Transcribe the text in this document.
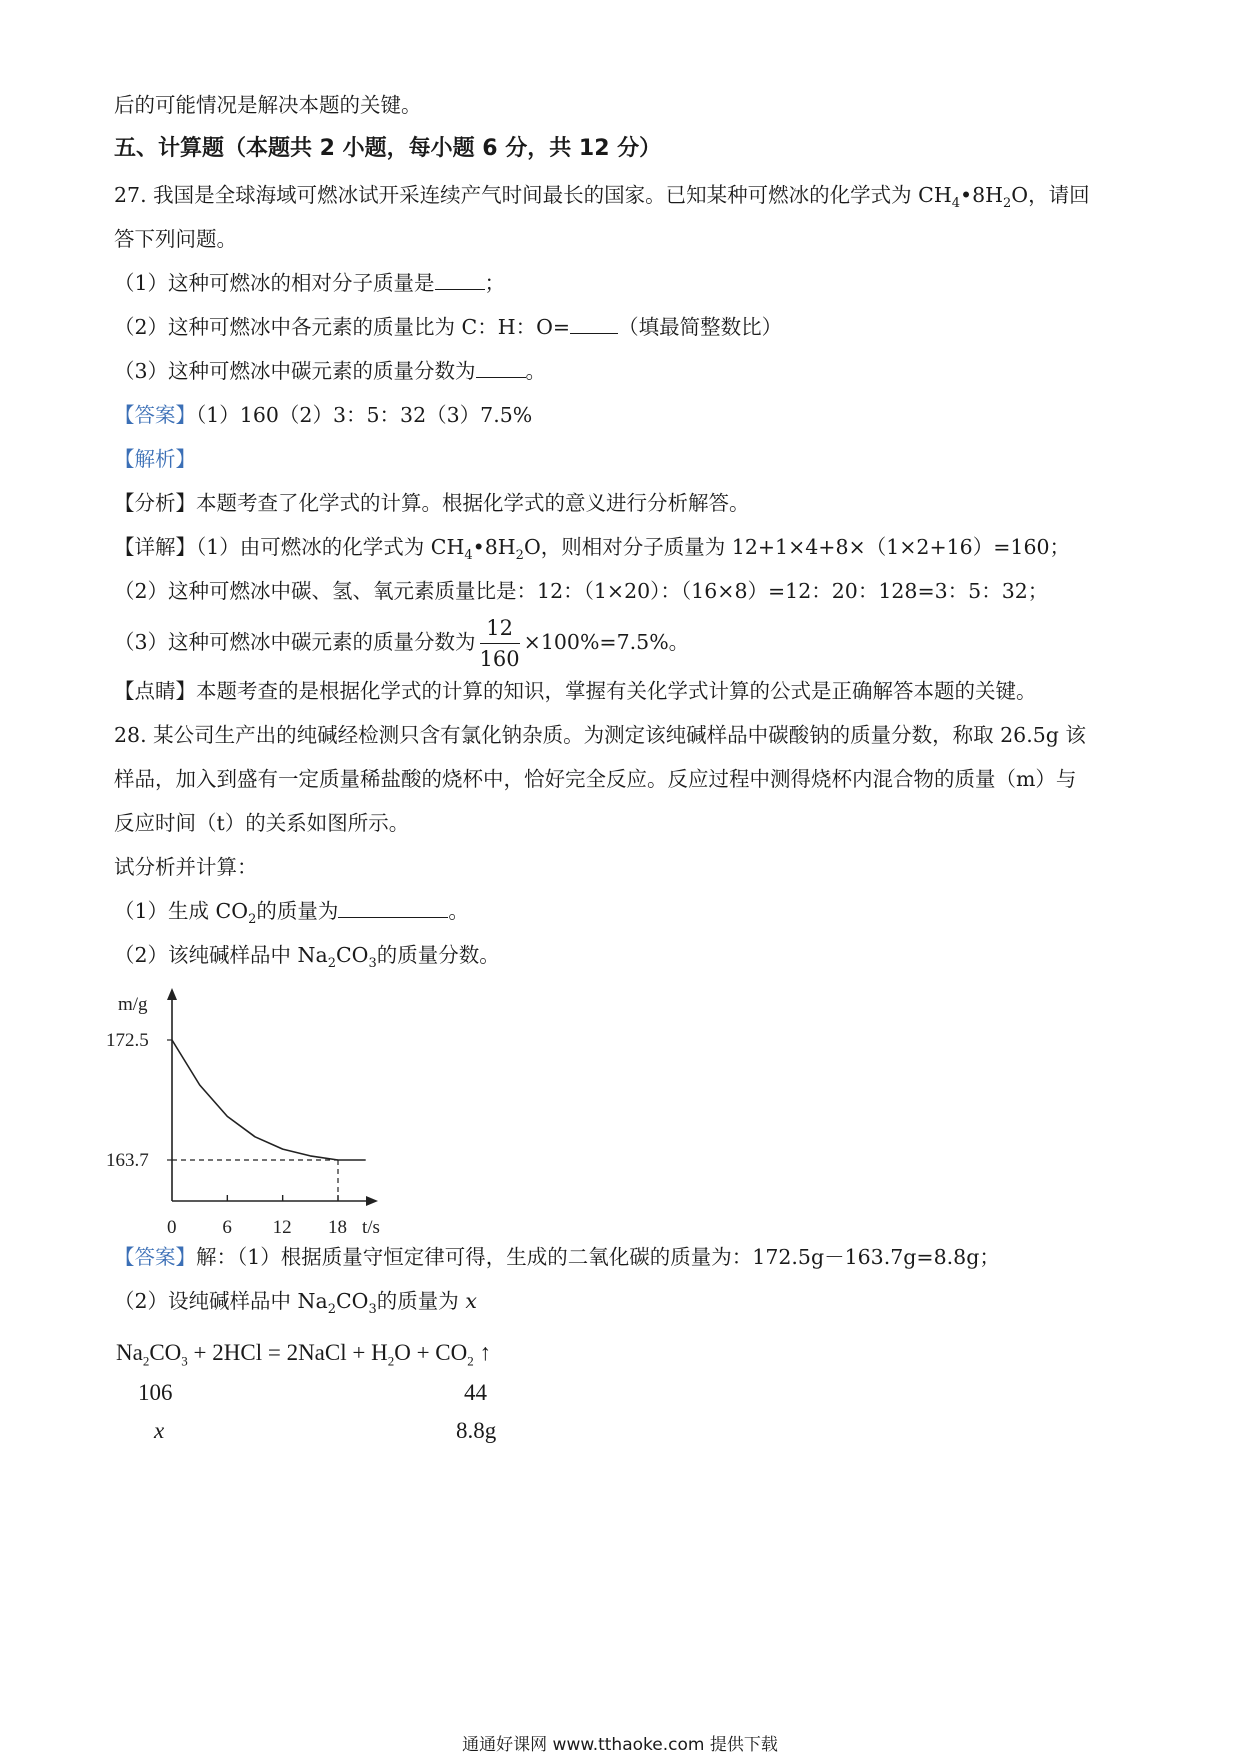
后的可能情况是解决本题的关键。
五、计算题（本题共 2 小题，每小题 6 分，共 12 分）
27. 我国是全球海域可燃冰试开采连续产气时间最长的国家。已知某种可燃冰的化学式为 $CH_4•8H_2O$，请回
答下列问题。
（1）这种可燃冰的相对分子质量是 ；
（2）这种可燃冰中各元素的质量比为 C：H：O= （填最简整数比）
（3）这种可燃冰中碳元素的质量分数为 。
【答案】（1）160（2）3：5：32（3）7.5%
【解析】
【分析】本题考查了化学式的计算。根据化学式的意义进行分析解答。
【详解】（1）由可燃冰的化学式为 $CH_4•8H_2O$，则相对分子质量为 12+1×4+8×（1×2+16）=160；
（2）这种可燃冰中碳、氢、氧元素质量比是：12：（1×20）：（16×8）=12：20：128=3：5：32；
（3）这种可燃冰中碳元素的质量分数为 $\frac{12}{160} \times 100\%=7.5\%$。
【点睛】本题考查的是根据化学式的计算的知识，掌握有关化学式计算的公式是正确解答本题的关键。
28. 某公司生产出的纯碱经检测只含有氯化钠杂质。为测定该纯碱样品中碳酸钠的质量分数，称取 26.5g 该
样品，加入到盛有一定质量稀盐酸的烧杯中，恰好完全反应。反应过程中测得烧杯内混合物的质量（m）与
反应时间（t）的关系如图所示。
试分析并计算：
（1）生成 $CO_2$的质量为	。
（2）该纯碱样品中 $Na_2CO_3$的质量分数。
m/g
t/s
0 6 12 18
172.5
163.7
【答案】解：（1）根据质量守恒定律可得，生成的二氧化碳的质量为：172.5g－163.7g=8.8g；
（2）设纯碱样品中 $Na_2CO_3$的质量为 x
$Na_2CO_3 + 2HCl$ = 2NaCl + $H_2O + CO_2$ ↑
106	44
x	8.8g
通通好课网 www.tthaoke.com 提供下载
